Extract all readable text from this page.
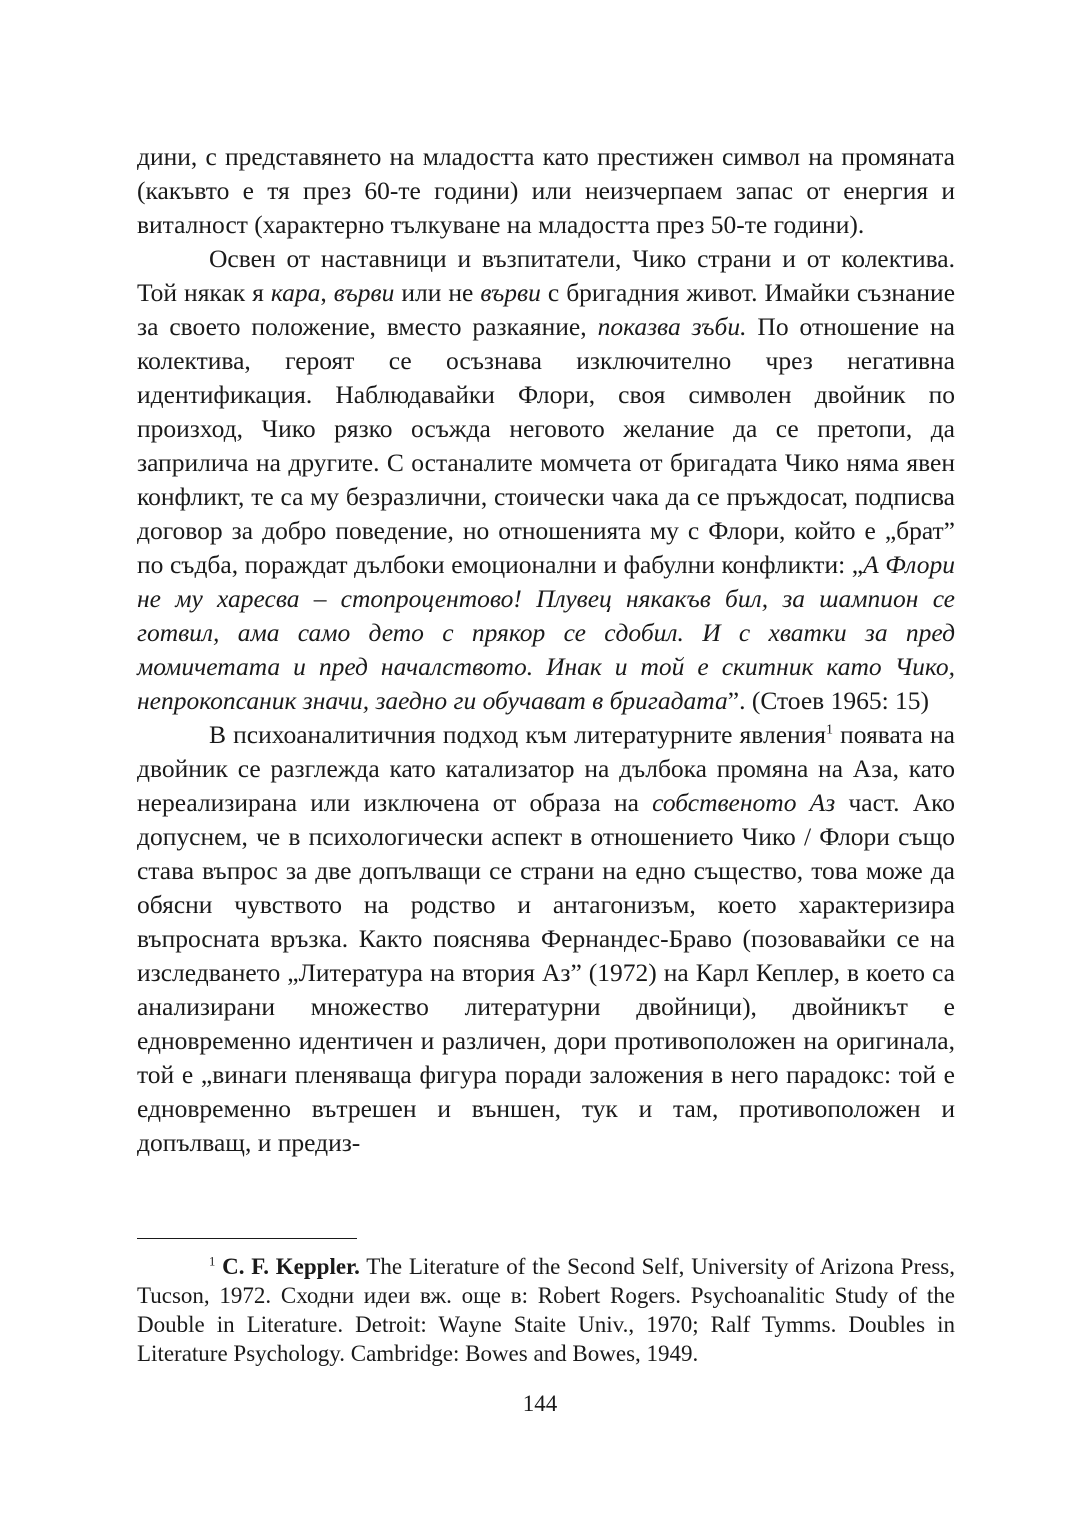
дини, с представянето на младостта като престижен символ на промяната (какъвто е тя през 60-те години) или неизчерпаем запас от енергия и виталност (характерно тълкуване на младостта през 50-те години).

Освен от наставници и възпитатели, Чико страни и от колектива. Той някак я кара, върви или не върви с бригадния живот. Имайки съзнание за своето положение, вместо разкаяние, показва зъби. По отношение на колектива, героят се осъзнава изключително чрез негативна идентификация. Наблюдавайки Флори, своя символен двойник по произход, Чико рязко осъжда неговото желание да се претопи, да заприлича на другите. С останалите момчета от бригадата Чико няма явен конфликт, те са му безразлични, стоически чака да се пръждосат, подписва договор за добро поведение, но отношенията му с Флори, който е „брат” по съдба, пораждат дълбоки емоционални и фабулни конфликти: „А Флори не му харесва – стопроцентово! Плувец някакъв бил, за шампион се готвил, ама само дето с прякор се сдобил. И с хватки за пред момичетата и пред началството. Инак и той е скитник като Чико, непрокопсаник значи, заедно ги обучават в бригадата”. (Стоев 1965: 15)

В психоаналитичния подход към литературните явления$^1$ появата на двойник се разглежда като катализатор на дълбока промяна на Аза, като нереализирана или изключена от образа на собственото Аз част. Ако допуснем, че в психологически аспект в отношението Чико / Флори също става въпрос за две допълващи се страни на едно същество, това може да обясни чувството на родство и антагонизъм, което характеризира въпросната връзка. Както пояснява Фернандес-Браво (позовавайки се на изследването „Литература на втория Аз” (1972) на Карл Кеплер, в което са анализирани множество литературни двойници), двойникът е едновременно идентичен и различен, дори противоположен на оригинала, той е „винаги пленяваща фигура поради заложения в него парадокс: той е едновременно вътрешен и външен, тук и там, противоположен и допълващ, и предиз-

$^1$ C. F. Keppler. The Literature of the Second Self, University of Arizona Press, Tucson, 1972. Сходни идеи вж. още в: Robert Rogers. Psychoanalitic Study of the Double in Literature. Detroit: Wayne Staite Univ., 1970; Ralf Tymms. Doubles in Literature Psychology. Cambridge: Bowes and Bowes, 1949.

144
